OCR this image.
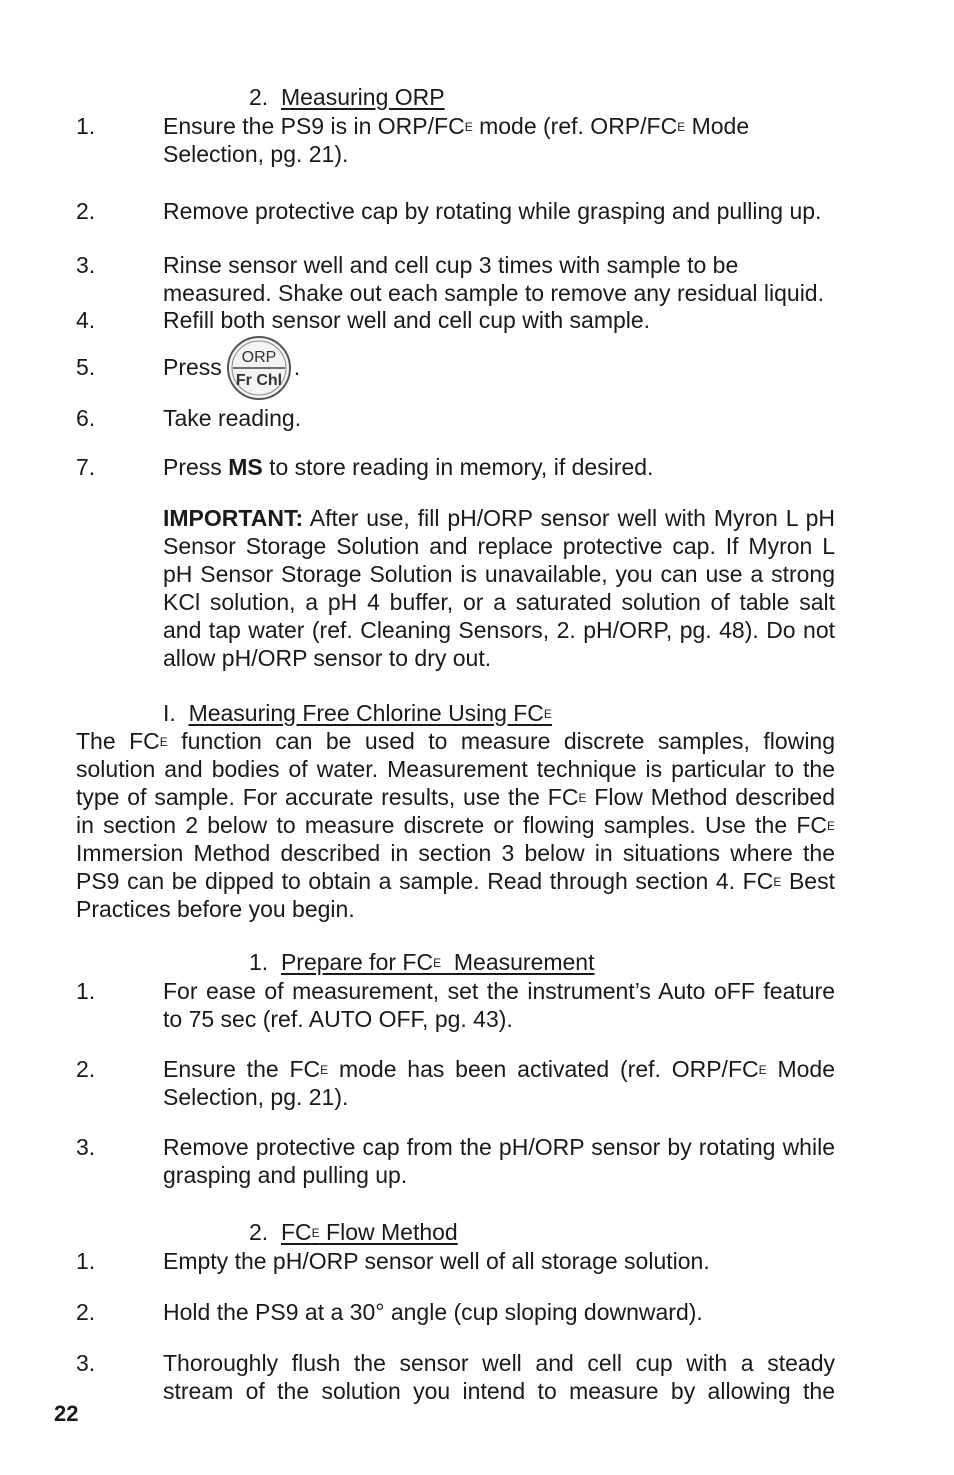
2. Measuring ORP
1.	Ensure the PS9 is in ORP/$FC^E$ mode (ref. ORP/$FC^E$ Mode
Selection, pg. 21).
2.	Remove protective cap by rotating while grasping and pulling up.
3.	Rinse sensor well and cell cup 3 times with sample to be
measured. Shake out each sample to remove any residual liquid.
4.	Refill both sensor well and cell cup with sample.
5.	Press ORP
Fr Chl
.
6.	Take reading.
7.	Press MS to store reading in memory, if desired.
IMPORTANT: After use, fill pH/ORP sensor well with Myron L pH Sensor Storage Solution and replace protective cap. If Myron L pH Sensor Storage Solution is unavailable, you can use a strong KCl solution, a pH 4 buffer, or a saturated solution of table salt and tap water (ref. Cleaning Sensors, 2. pH/ORP, pg. 48). Do not allow pH/ORP sensor to dry out.
I. Measuring Free Chlorine Using $FC^E$
The $FC^E$ function can be used to measure discrete samples, flowing solution and bodies of water. Measurement technique is particular to the type of sample. For accurate results, use the $FC^E$ Flow Method described in section 2 below to measure discrete or flowing samples. Use the $FC^E$ Immersion Method described in section 3 below in situations where the PS9 can be dipped to obtain a sample. Read through section 4. $FC^E$ Best Practices before you begin.
1. Prepare for $FC^E$  Measurement
1.	For ease of measurement, set the instrument’s Auto oFF feature to 75 sec (ref. AUTO OFF, pg. 43).
2.	Ensure the $FC^E$ mode has been activated (ref. ORP/$FC^E$ Mode Selection, pg. 21).
3.	Remove protective cap from the pH/ORP sensor by rotating while grasping and pulling up.
2. $FC^E$ Flow Method
1.	Empty the pH/ORP sensor well of all storage solution.
2.	Hold the PS9 at a 30° angle (cup sloping downward).
3.	Thoroughly flush the sensor well and cell cup with a steady stream of the solution you intend to measure by allowing the
22
